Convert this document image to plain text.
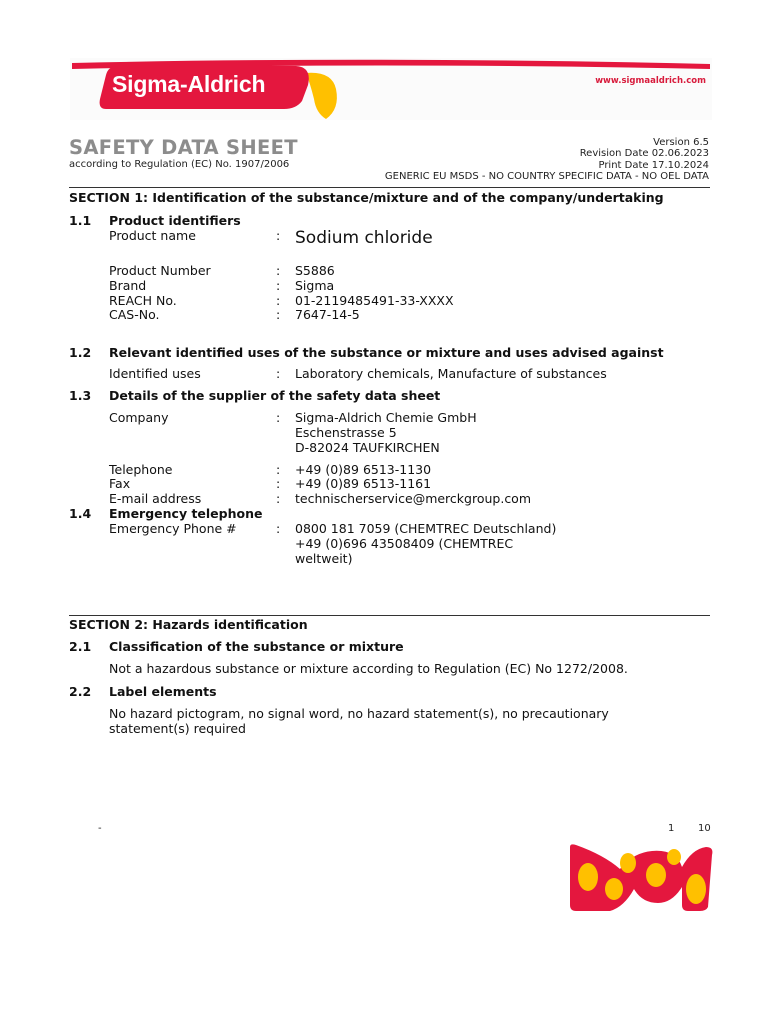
Sigma-Aldrich	www.sigmaaldrich.com
SAFETY DATA SHEET
according to Regulation (EC) No. 1907/2006
Version 6.5
Revision Date 02.06.2023
Print Date 17.10.2024
GENERIC EU MSDS - NO COUNTRY SPECIFIC DATA - NO OEL DATA
SECTION 1: Identification of the substance/mixture and of the company/undertaking
1.1 Product identifiers
Product name	: Sodium chloride
Product Number	: S5886
Brand	: Sigma
REACH No.	: 01-2119485491-33-XXXX
CAS-No.	: 7647-14-5
1.2 Relevant identified uses of the substance or mixture and uses advised against
Identified uses	: Laboratory chemicals, Manufacture of substances
1.3 Details of the supplier of the safety data sheet
Company	: Sigma-Aldrich Chemie GmbH
Eschenstrasse 5
D-82024 TAUFKIRCHEN
Telephone	: +49 (0)89 6513-1130
Fax	: +49 (0)89 6513-1161
E-mail address	: technischerservice@merckgroup.com
1.4 Emergency telephone
Emergency Phone #	: 0800 181 7059 (CHEMTREC Deutschland)
+49 (0)696 43508409 (CHEMTREC
weltweit)
SECTION 2: Hazards identification
2.1 Classification of the substance or mixture
Not a hazardous substance or mixture according to Regulation (EC) No 1272/2008.
2.2 Label elements
No hazard pictogram, no signal word, no hazard statement(s), no precautionary
statement(s) required
-	1 10
